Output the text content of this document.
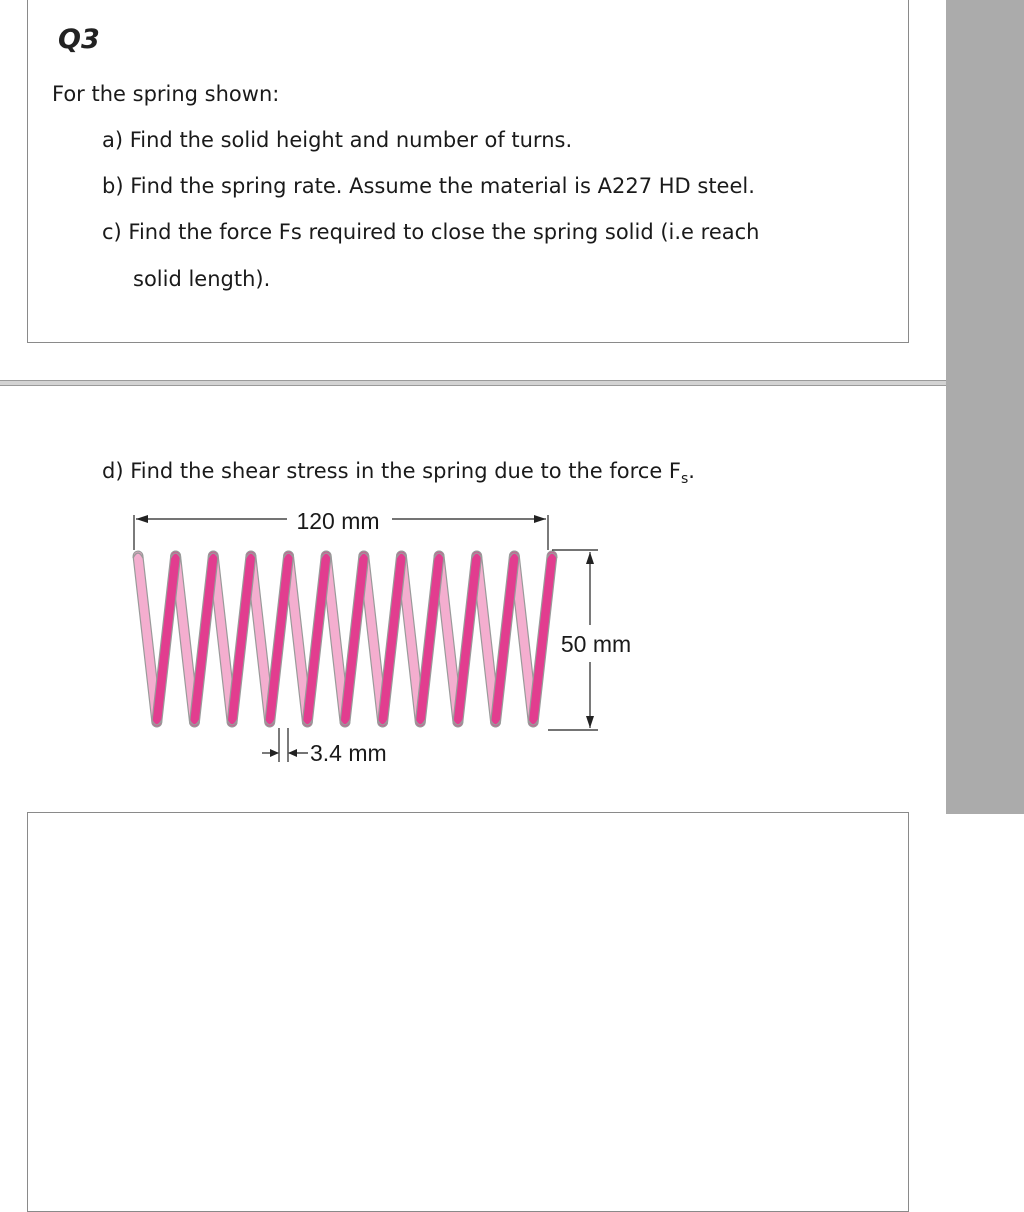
Q3
For the spring shown:
a) Find the solid height and number of turns.
b) Find the spring rate. Assume the material is A227 HD steel.
c) Find the force Fs required to close the spring solid (i.e reach
solid length).
d) Find the shear stress in the spring due to the force $F_s$.
120 mm
50 mm
3.4 mm
